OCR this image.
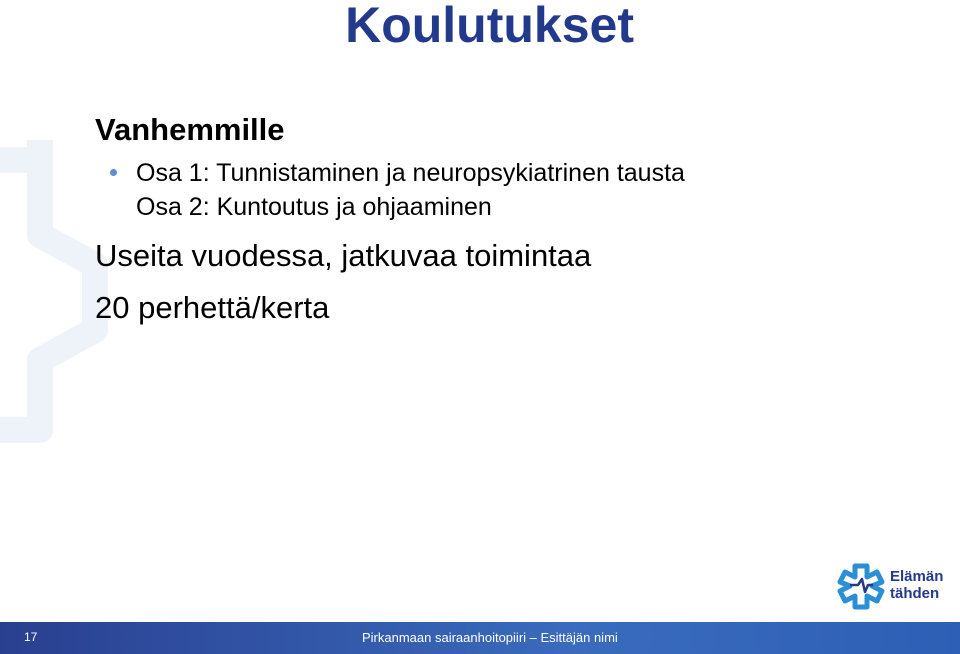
Koulutukset
Vanhemmille
Osa 1: Tunnistaminen ja neuropsykiatrinen tausta
Osa 2: Kuntoutus ja ohjaaminen

Useita vuodessa, jatkuvaa toimintaa

20 perhettä/kerta

Elämän
tähden
17	Pirkanmaan sairaanhoitopiiri – Esittäjän nimi
